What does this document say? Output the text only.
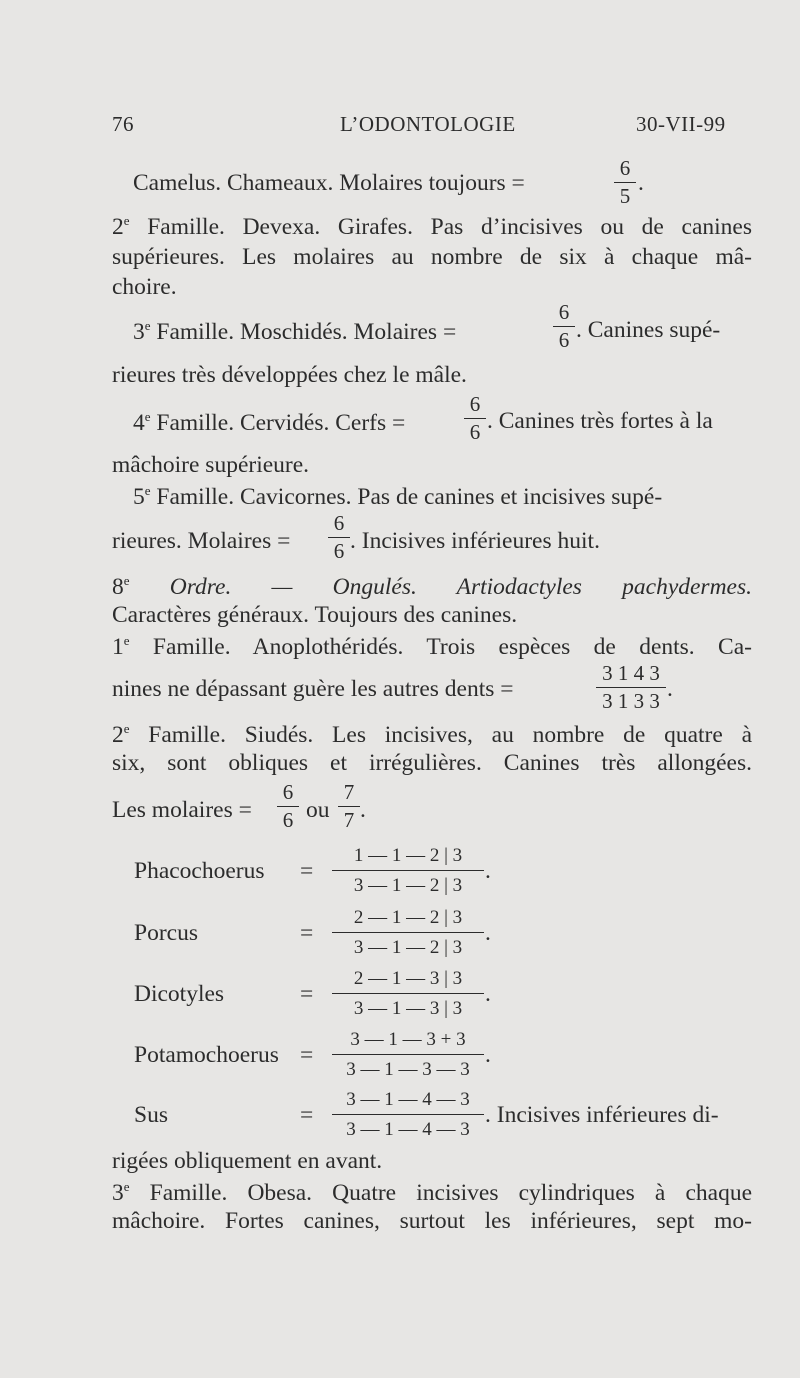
76	L’ODONTOLOGIE	30-VII-99
Camelus. Chameaux. Molaires toujours =
6
5 .
2e Famille. Devexa. Girafes. Pas d’incisives ou de canines
supérieures. Les molaires au nombre de six à chaque mâ-
choire.
3e Famille. Moschidés. Molaires =
6
6 . Canines supé-
rieures très développées chez le mâle.
4e Famille. Cervidés. Cerfs =
6
6 . Canines très fortes à la
mâchoire supérieure.
5e Famille. Cavicornes. Pas de canines et incisives supé-
rieures. Molaires =
6
6 . Incisives inférieures huit.
8e Ordre. — Ongulés. Artiodactyles pachydermes.
Caractères généraux. Toujours des canines.
1e Famille. Anoplothéridés. Trois espèces de dents. Ca-
nines ne dépassant guère les autres dents =
3 1 4 3
3 1 3 3 .
2e Famille. Siudés. Les incisives, au nombre de quatre à
six, sont obliques et irrégulières. Canines très allongées.
Les molaires =
6
6 ou
7
7 .
Phacochoerus =
1 — 1 — 2 | 3
3 — 1 — 2 | 3
.
Porcus	=
2 — 1 — 2 | 3
3 — 1 — 2 | 3
.
Dicotyles	=
2 — 1 — 3 | 3
3 — 1 — 3 | 3
.
Potamochoerus =
3 — 1 — 3 + 3
3 — 1 — 3 — 3
.
Sus	=
3 — 1 — 4 — 3
3 — 1 — 4 — 3
. Incisives inférieures di-
rigées obliquement en avant.
3e Famille. Obesa. Quatre incisives cylindriques à chaque
mâchoire. Fortes canines, surtout les inférieures, sept mo-
